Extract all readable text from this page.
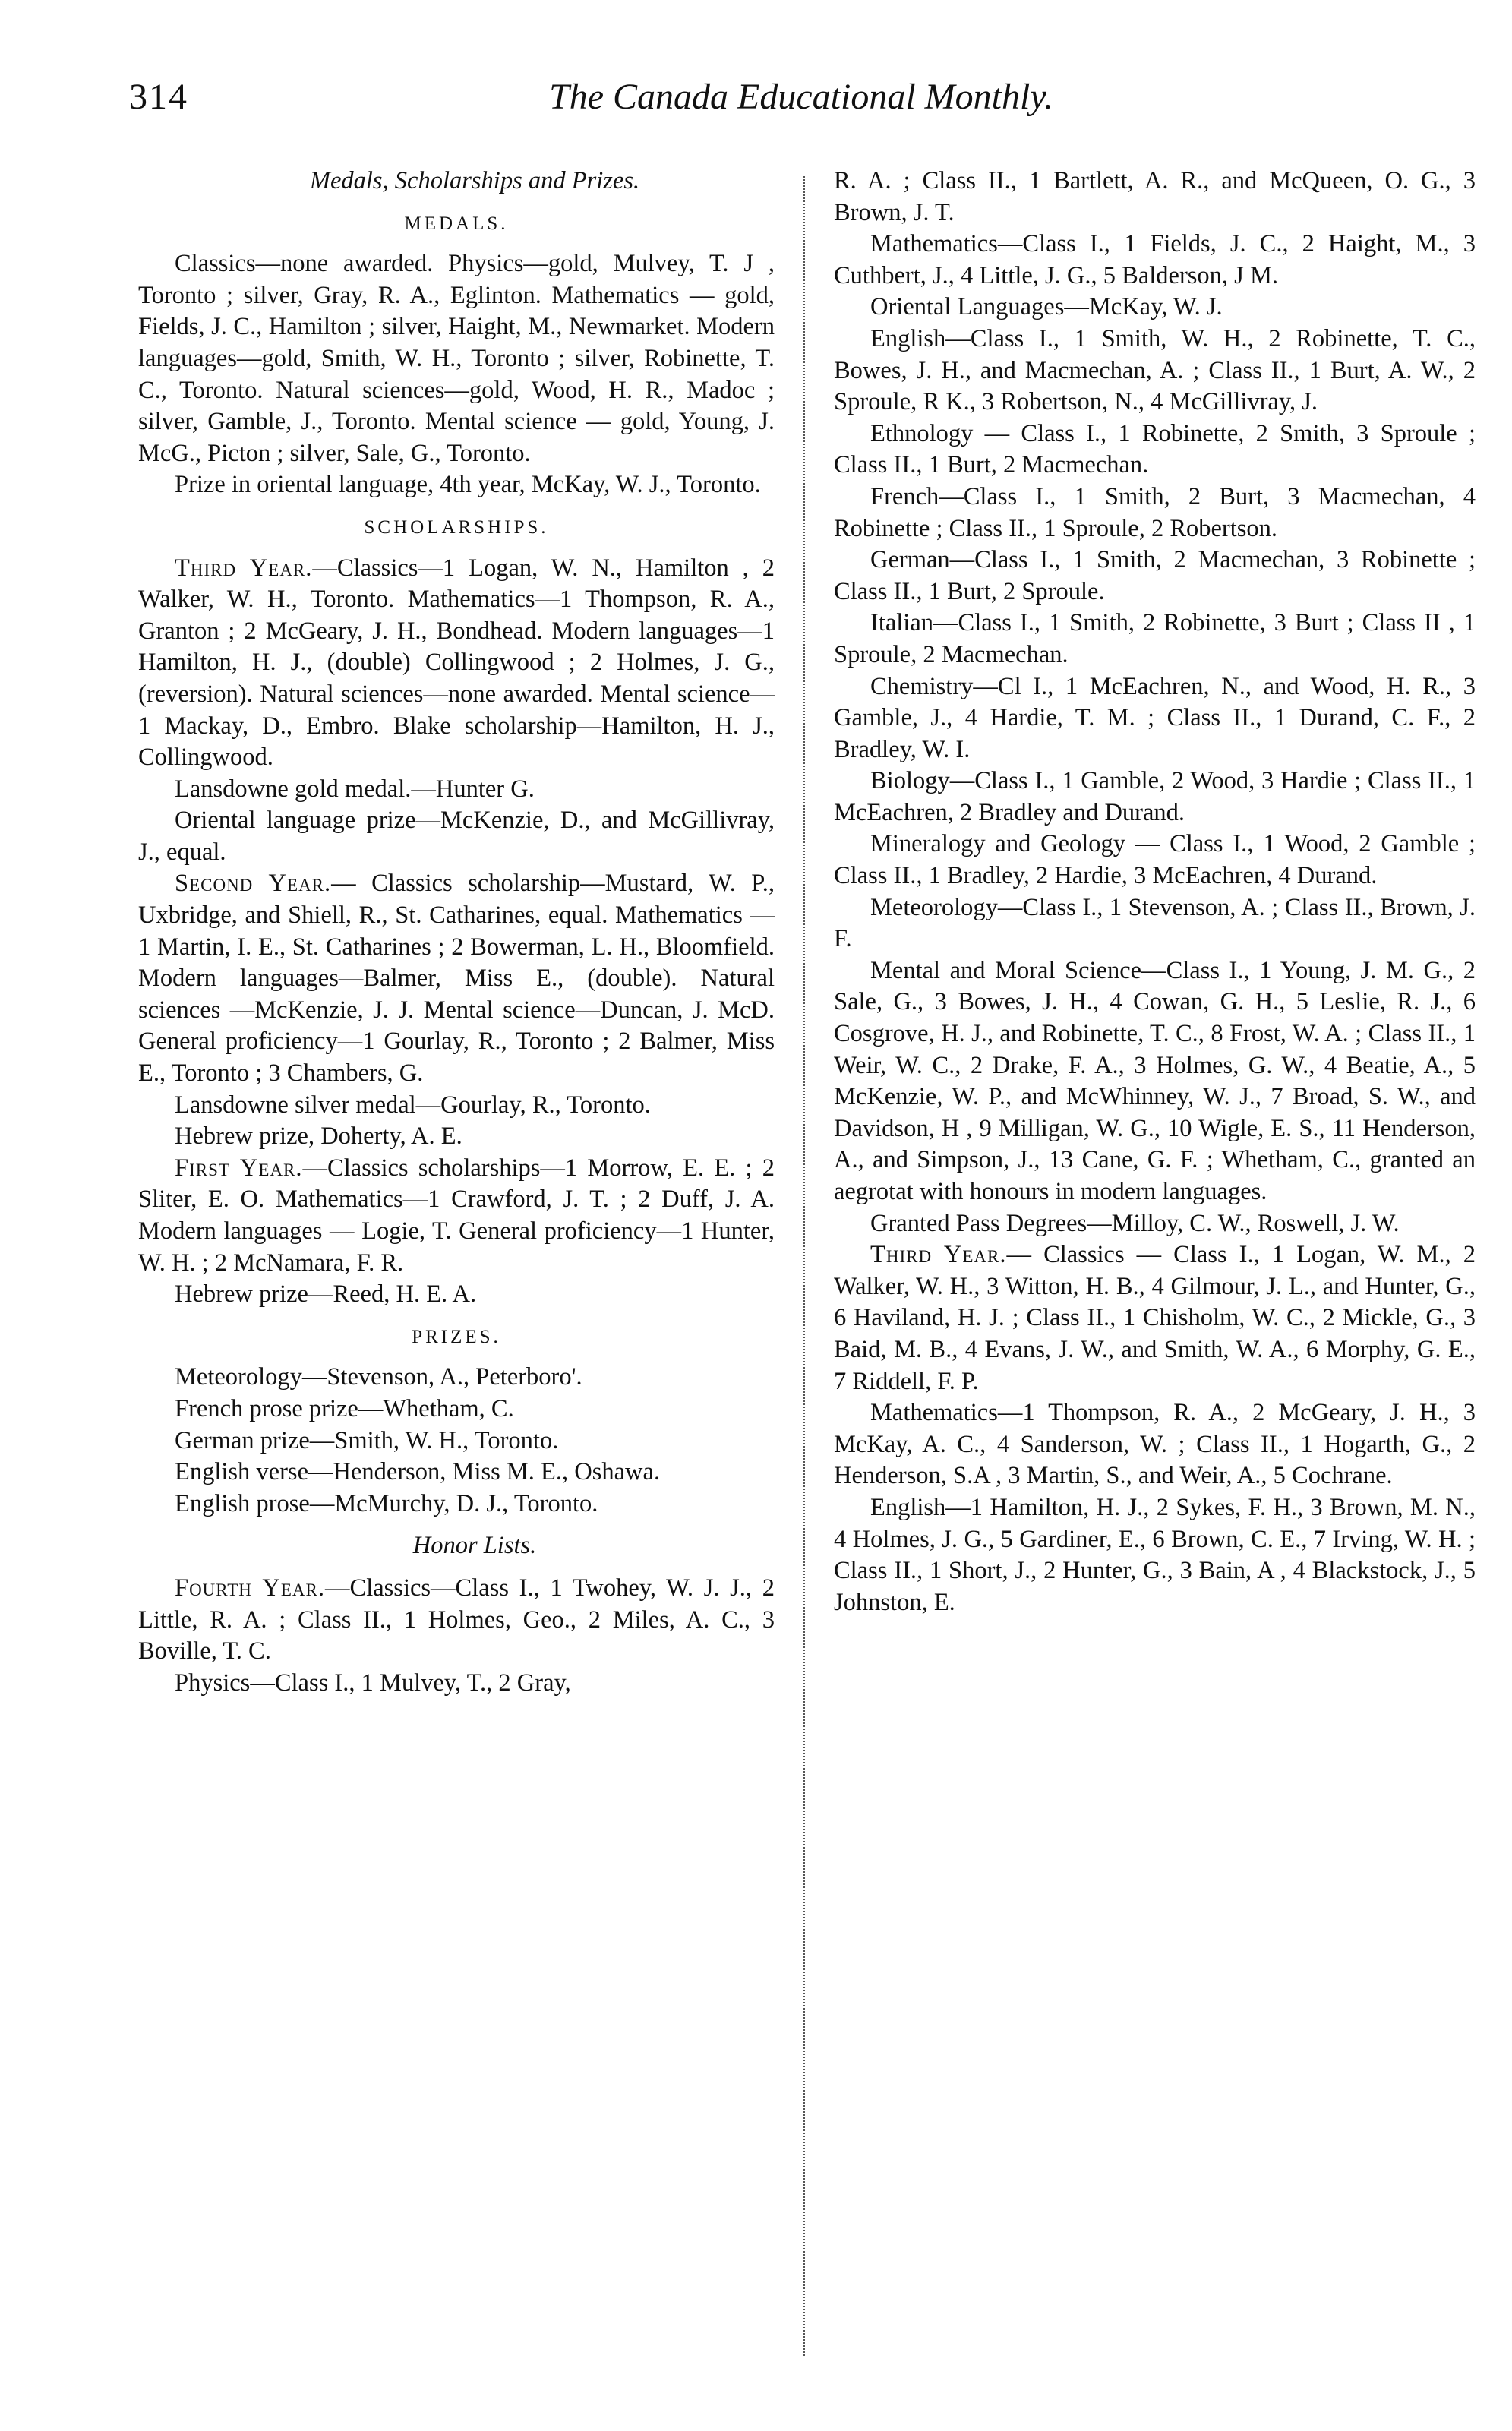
314	The Canada Educational Monthly.

Medals, Scholarships and Prizes.

MEDALS.

Classics—none awarded. Physics—gold, Mulvey, T. J , Toronto ; silver, Gray, R. A., Eglinton. Mathematics — gold, Fields, J. C., Hamilton ; silver, Haight, M., Newmarket. Modern languages—gold, Smith, W. H., Toronto ; silver, Robinette, T. C., Toronto. Natural sciences—gold, Wood, H. R., Madoc ; silver, Gamble, J., Toronto. Mental science — gold, Young, J. McG., Picton ; silver, Sale, G., Toronto.

Prize in oriental language, 4th year, McKay, W. J., Toronto.

SCHOLARSHIPS.

Third Year.—Classics—1 Logan, W. N., Hamilton , 2 Walker, W. H., Toronto. Mathematics—1 Thompson, R. A., Granton ; 2 McGeary, J. H., Bondhead. Modern languages—1 Hamilton, H. J., (double) Collingwood ; 2 Holmes, J. G., (reversion). Natural sciences—none awarded. Mental science— 1 Mackay, D., Embro. Blake scholarship—Hamilton, H. J., Collingwood.

Lansdowne gold medal.—Hunter G.

Oriental language prize—McKenzie, D., and McGillivray, J., equal.

Second Year.— Classics scholarship—Mustard, W. P., Uxbridge, and Shiell, R., St. Catharines, equal. Mathematics — 1 Martin, I. E., St. Catharines ; 2 Bowerman, L. H., Bloomfield. Modern languages—Balmer, Miss E., (double). Natural sciences —McKenzie, J. J. Mental science—Duncan, J. McD. General proficiency—1 Gourlay, R., Toronto ; 2 Balmer, Miss E., Toronto ; 3 Chambers, G.

Lansdowne silver medal—Gourlay, R., Toronto.

Hebrew prize, Doherty, A. E.

First Year.—Classics scholarships—1 Morrow, E. E. ; 2 Sliter, E. O. Mathematics—1 Crawford, J. T. ; 2 Duff, J. A. Modern languages — Logie, T. General proficiency—1 Hunter, W. H. ; 2 McNamara, F. R.

Hebrew prize—Reed, H. E. A.

PRIZES.

Meteorology—Stevenson, A., Peterboro'.

French prose prize—Whetham, C.

German prize—Smith, W. H., Toronto.

English verse—Henderson, Miss M. E., Oshawa.

English prose—McMurchy, D. J., Toronto.

Honor Lists.

Fourth Year.—Classics—Class I., 1 Twohey, W. J. J., 2 Little, R. A. ; Class II., 1 Holmes, Geo., 2 Miles, A. C., 3 Boville, T. C.

Physics—Class I., 1 Mulvey, T., 2 Gray,

R. A. ; Class II., 1 Bartlett, A. R., and McQueen, O. G., 3 Brown, J. T.

Mathematics—Class I., 1 Fields, J. C., 2 Haight, M., 3 Cuthbert, J., 4 Little, J. G., 5 Balderson, J M.

Oriental Languages—McKay, W. J.

English—Class I., 1 Smith, W. H., 2 Robinette, T. C., Bowes, J. H., and Macmechan, A. ; Class II., 1 Burt, A. W., 2 Sproule, R K., 3 Robertson, N., 4 McGillivray, J.

Ethnology — Class I., 1 Robinette, 2 Smith, 3 Sproule ; Class II., 1 Burt, 2 Macmechan.

French—Class I., 1 Smith, 2 Burt, 3 Macmechan, 4 Robinette ; Class II., 1 Sproule, 2 Robertson.

German—Class I., 1 Smith, 2 Macmechan, 3 Robinette ; Class II., 1 Burt, 2 Sproule.

Italian—Class I., 1 Smith, 2 Robinette, 3 Burt ; Class II , 1 Sproule, 2 Macmechan.

Chemistry—Cl I., 1 McEachren, N., and Wood, H. R., 3 Gamble, J., 4 Hardie, T. M. ; Class II., 1 Durand, C. F., 2 Bradley, W. I.

Biology—Class I., 1 Gamble, 2 Wood, 3 Hardie ; Class II., 1 McEachren, 2 Bradley and Durand.

Mineralogy and Geology — Class I., 1 Wood, 2 Gamble ; Class II., 1 Bradley, 2 Hardie, 3 McEachren, 4 Durand.

Meteorology—Class I., 1 Stevenson, A. ; Class II., Brown, J. F.

Mental and Moral Science—Class I., 1 Young, J. M. G., 2 Sale, G., 3 Bowes, J. H., 4 Cowan, G. H., 5 Leslie, R. J., 6 Cosgrove, H. J., and Robinette, T. C., 8 Frost, W. A. ; Class II., 1 Weir, W. C., 2 Drake, F. A., 3 Holmes, G. W., 4 Beatie, A., 5 McKenzie, W. P., and McWhinney, W. J., 7 Broad, S. W., and Davidson, H , 9 Milligan, W. G., 10 Wigle, E. S., 11 Henderson, A., and Simpson, J., 13 Cane, G. F. ; Whetham, C., granted an aegrotat with honours in modern languages.

Granted Pass Degrees—Milloy, C. W., Roswell, J. W.

Third Year.— Classics — Class I., 1 Logan, W. M., 2 Walker, W. H., 3 Witton, H. B., 4 Gilmour, J. L., and Hunter, G., 6 Haviland, H. J. ; Class II., 1 Chisholm, W. C., 2 Mickle, G., 3 Baid, M. B., 4 Evans, J. W., and Smith, W. A., 6 Morphy, G. E., 7 Riddell, F. P.

Mathematics—1 Thompson, R. A., 2 McGeary, J. H., 3 McKay, A. C., 4 Sanderson, W. ; Class II., 1 Hogarth, G., 2 Henderson, S.A , 3 Martin, S., and Weir, A., 5 Cochrane.

English—1 Hamilton, H. J., 2 Sykes, F. H., 3 Brown, M. N., 4 Holmes, J. G., 5 Gardiner, E., 6 Brown, C. E., 7 Irving, W. H. ; Class II., 1 Short, J., 2 Hunter, G., 3 Bain, A , 4 Blackstock, J., 5 Johnston, E.
